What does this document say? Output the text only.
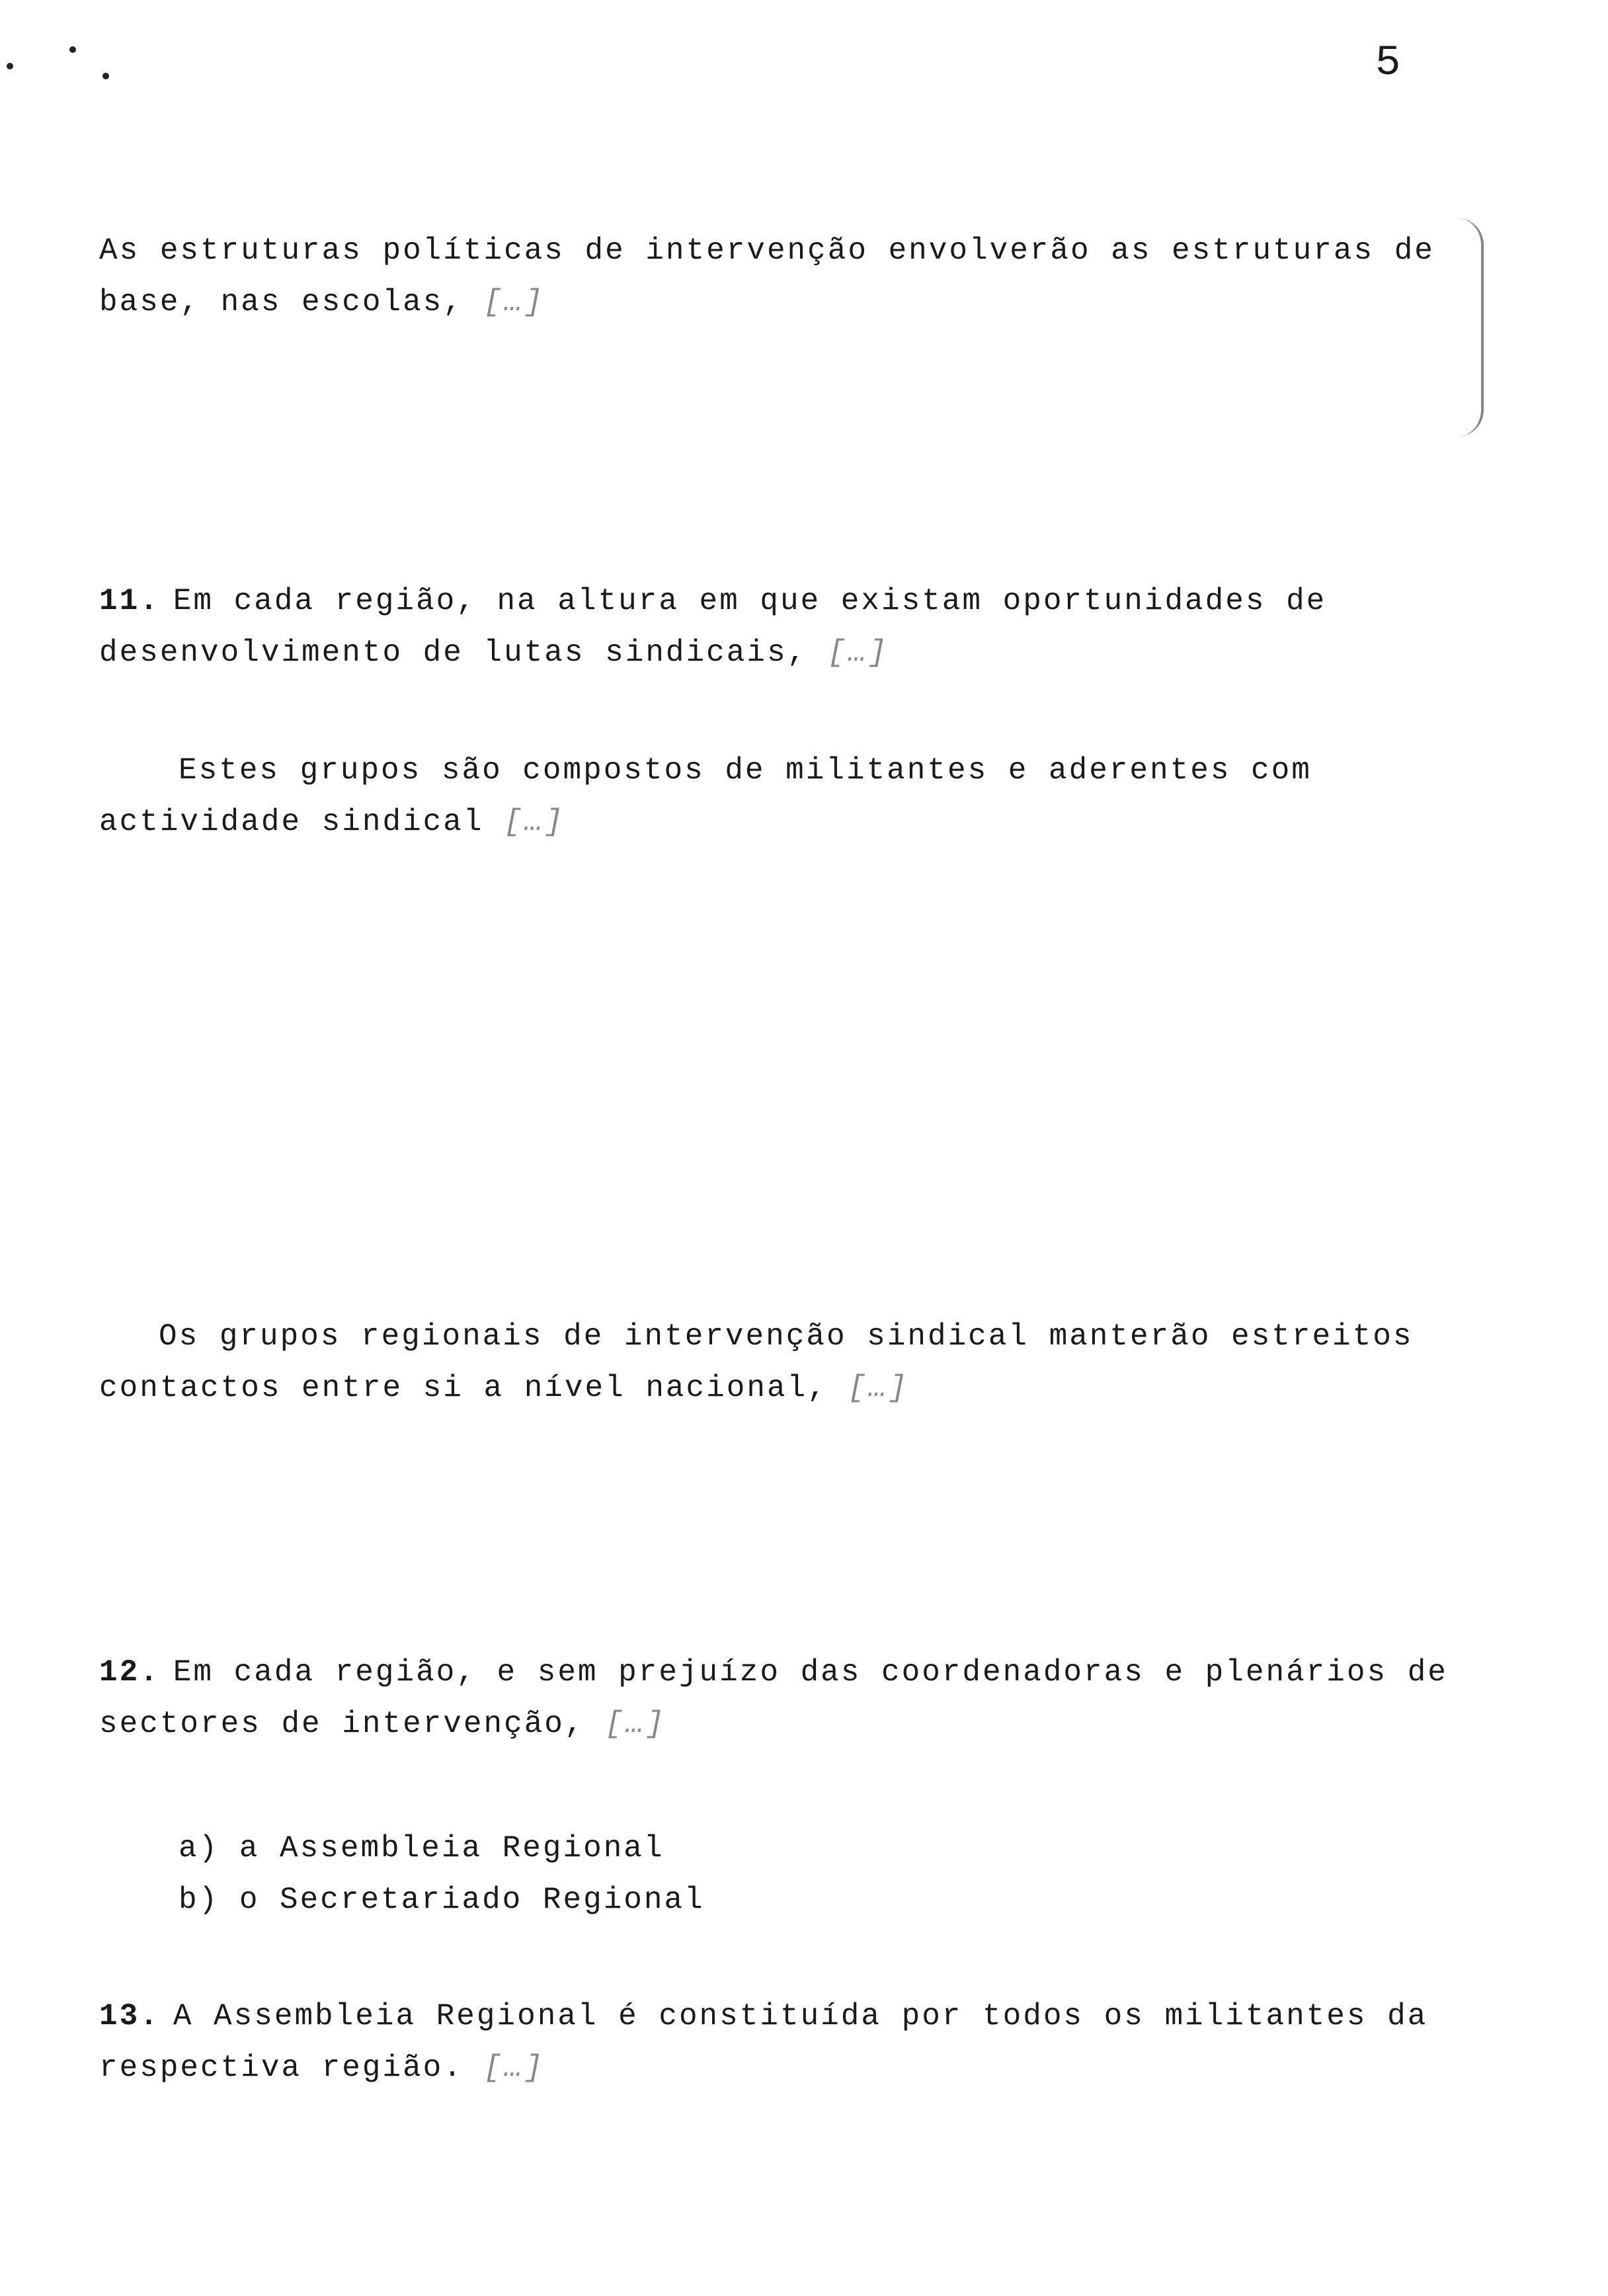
5

As estruturas políticas de intervenção envolverão as estruturas de base, nas escolas, […]

11. Em cada região, na altura em que existam oportunidades de desenvolvimento de lutas sindicais, […]

Estes grupos são compostos de militantes e aderentes com actividade sindical […]

Os grupos regionais de intervenção sindical manterão estreitos contactos entre si a nível nacional, […]

12. Em cada região, e sem prejuízo das coordenadoras e plenários de sectores de intervenção, […]

a) a Assembleia Regional
b) o Secretariado Regional

13. A Assembleia Regional é constituída por todos os militantes da respectiva região. […]
